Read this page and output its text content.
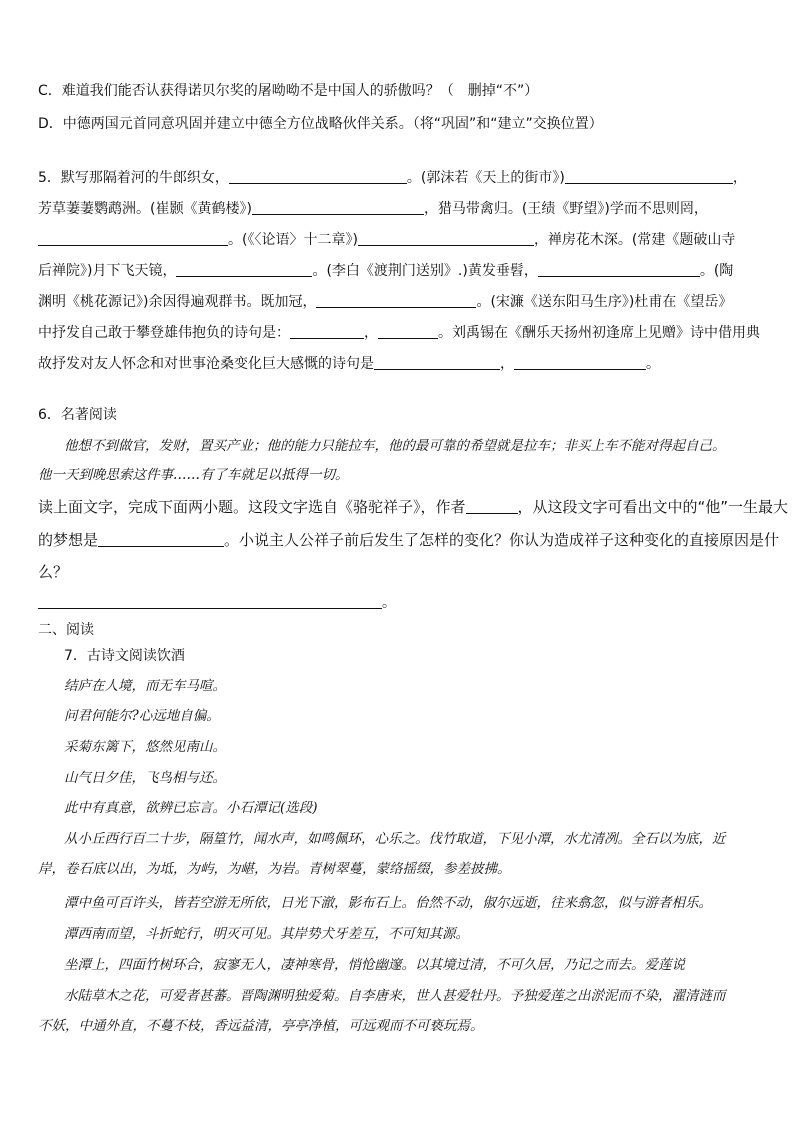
C．难道我们能否认获得诺贝尔奖的屠呦呦不是中国人的骄傲吗？（　删掉“不”）
D．中德两国元首同意巩固并建立中德全方位战略伙伴关系。（将“巩固”和“建立”交换位置）
5．默写那隔着河的牛郎织女，	。(郭沫若《天上的街市》)	，
芳草萋萋鹦鹉洲。(崔颢《黄鹤楼》)	，猎马带禽归。(王绩《野望》)学而不思则罔，
。(《〈论语〉十二章》)	，禅房花木深。(常建《题破山寺
后禅院》)月下飞天镜，	。(李白《渡荆门送别》.)黄发垂髫，	。(陶
渊明《桃花源记》)余因得遍观群书。既加冠，	。(宋濂《送东阳马生序》)杜甫在《望岳》
中抒发自己敢于攀登雄伟抱负的诗句是：	，	。刘禹锡在《酬乐天扬州初逢席上见赠》诗中借用典
故抒发对友人怀念和对世事沧桑变化巨大感慨的诗句是	，	。
6．名著阅读
他想不到做官，发财，置买产业；他的能力只能拉车，他的最可靠的希望就是拉车；非买上车不能对得起自己。
他一天到晚思索这件事……有了车就足以抵得一切。
读上面文字，完成下面两小题。这段文字选自《骆驼祥子》，作者	，从这段文字可看出文中的“他”一生最大
的梦想是	。小说主人公祥子前后发生了怎样的变化？你认为造成祥子这种变化的直接原因是什
么？
。
二、阅读
7．古诗文阅读饮酒
结庐在人境，而无车马喧。
问君何能尔?心远地自偏。
采菊东篱下，悠然见南山。
山气日夕佳，飞鸟相与还。
此中有真意，欲辨已忘言。小石潭记(选段)
从小丘西行百二十步，隔篁竹，闻水声，如鸣佩环，心乐之。伐竹取道，下见小潭，水尤清冽。全石以为底，近
岸，卷石底以出，为坻，为屿，为嵁，为岩。青树翠蔓，蒙络摇缀，参差披拂。
潭中鱼可百许头，皆若空游无所依，日光下澈，影布石上。佁然不动，俶尔远逝，往来翕忽，似与游者相乐。
潭西南而望，斗折蛇行，明灭可见。其岸势犬牙差互，不可知其源。
坐潭上，四面竹树环合，寂寥无人，凄神寒骨，悄怆幽邃。以其境过清，不可久居，乃记之而去。爱莲说
水陆草木之花，可爱者甚蕃。晋陶渊明独爱菊。自李唐来，世人甚爱牡丹。予独爱莲之出淤泥而不染，濯清涟而
不妖，中通外直，不蔓不枝，香远益清，亭亭净植，可远观而不可亵玩焉。
